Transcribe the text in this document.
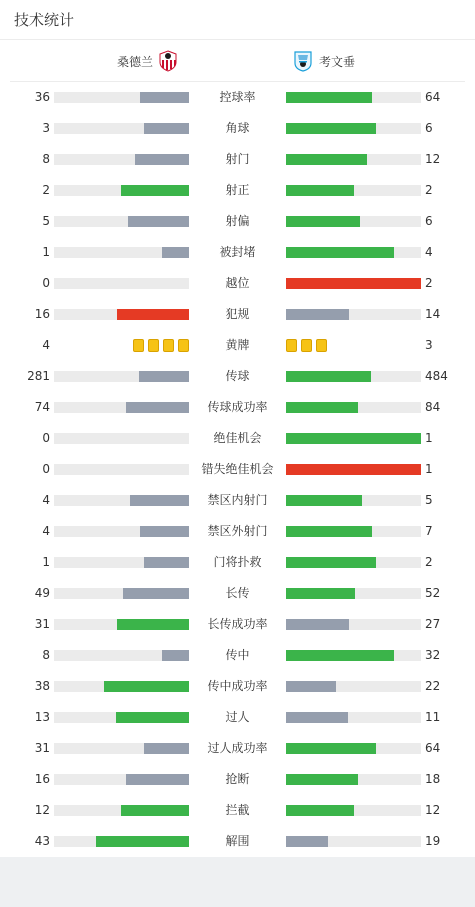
技术统计
桑德兰	考文垂
36	控球率	64
3	角球	6
8	射门	12
2	射正	2
5	射偏	6
1	被封堵	4
0	越位	2
16	犯规	14
4	黄牌	3
281	传球	484
74	传球成功率	84
0	绝佳机会	1
0	错失绝佳机会	1
4	禁区内射门	5
4	禁区外射门	7
1	门将扑救	2
49	长传	52
31	长传成功率	27
8	传中	32
38	传中成功率	22
13	过人	11
31	过人成功率	64
16	抢断	18
12	拦截	12
43	解围	19
